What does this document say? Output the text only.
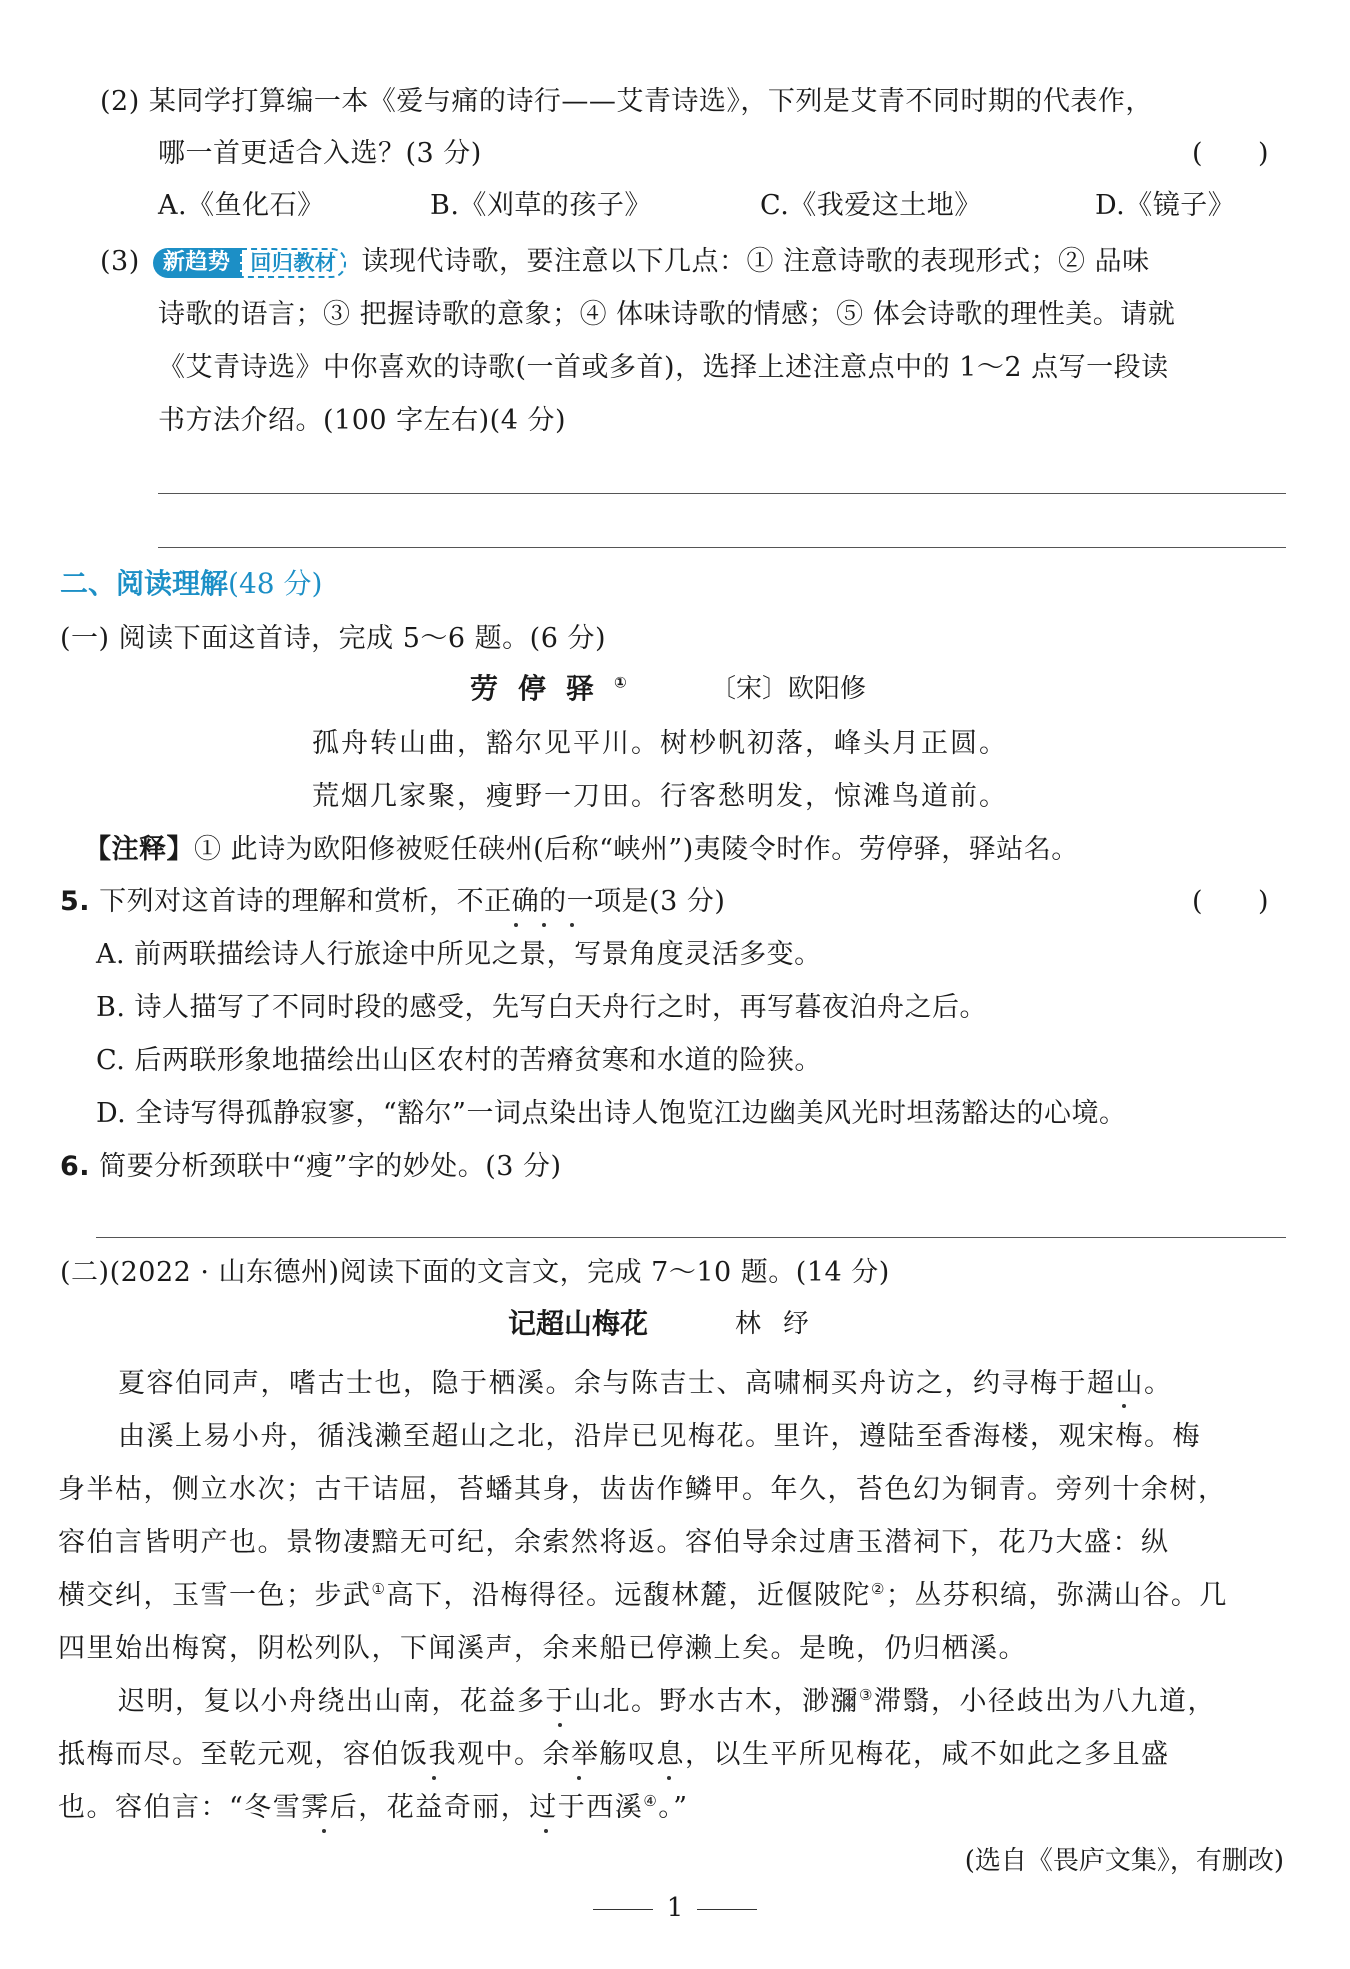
(2) 某同学打算编一本《爱与痛的诗行——艾青诗选》，下列是艾青不同时期的代表作，
哪一首更适合入选？(3 分)	(　　)
A.《鱼化石》	B.《刈草的孩子》	C.《我爱这土地》	D.《镜子》
(3)	新趋势 回归教材 读现代诗歌，要注意以下几点：① 注意诗歌的表现形式；② 品味
诗歌的语言；③ 把握诗歌的意象；④ 体味诗歌的情感；⑤ 体会诗歌的理性美。请就
《艾青诗选》中你喜欢的诗歌(一首或多首)，选择上述注意点中的 1～2 点写一段读
书方法介绍。(100 字左右)(4 分)
二、阅读理解(48 分)
(一) 阅读下面这首诗，完成 5～6 题。(6 分)
劳停驿①	〔宋〕欧阳修
孤舟转山曲，豁尔见平川。树杪帆初落，峰头月正圆。
荒烟几家聚，瘦野一刀田。行客愁明发，惊滩鸟道前。
【注释】① 此诗为欧阳修被贬任硖州(后称“峡州”)夷陵令时作。劳停驿，驿站名。
5. 下列对这首诗的理解和赏析，不正确的一项是(3 分)	(　　)
A. 前两联描绘诗人行旅途中所见之景，写景角度灵活多变。
B. 诗人描写了不同时段的感受，先写白天舟行之时，再写暮夜泊舟之后。
C. 后两联形象地描绘出山区农村的苦瘠贫寒和水道的险狭。
D. 全诗写得孤静寂寥，“豁尔”一词点染出诗人饱览江边幽美风光时坦荡豁达的心境。
6. 简要分析颈联中“瘦”字的妙处。(3 分)
(二)(2022 · 山东德州)阅读下面的文言文，完成 7～10 题。(14 分)
记超山梅花	林纾
夏容伯同声，嗜古士也，隐于栖溪。余与陈吉士、高啸桐买舟访之，约寻梅于超山。
由溪上易小舟，循浅濑至超山之北，沿岸已见梅花。里许，遵陆至香海楼，观宋梅。梅
身半枯，侧立水次；古干诘屈，苔蟠其身，齿齿作鳞甲。年久，苔色幻为铜青。旁列十余树，
容伯言皆明产也。景物凄黯无可纪，余索然将返。容伯导余过唐玉潜祠下，花乃大盛：纵
横交纠，玉雪一色；步武①高下，沿梅得径。远馥林麓，近偃陂陀②；丛芬积缟，弥满山谷。几
四里始出梅窝，阴松列队，下闻溪声，余来船已停濑上矣。是晚，仍归栖溪。
迟明，复以小舟绕出山南，花益多于山北。野水古木，渺瀰③滞翳，小径歧出为八九道，
抵梅而尽。至乾元观，容伯饭我观中。余举觞叹息，以生平所见梅花，咸不如此之多且盛
也。容伯言：“冬雪霁后，花益奇丽，过于西溪④。”
(选自《畏庐文集》，有删改)
1
